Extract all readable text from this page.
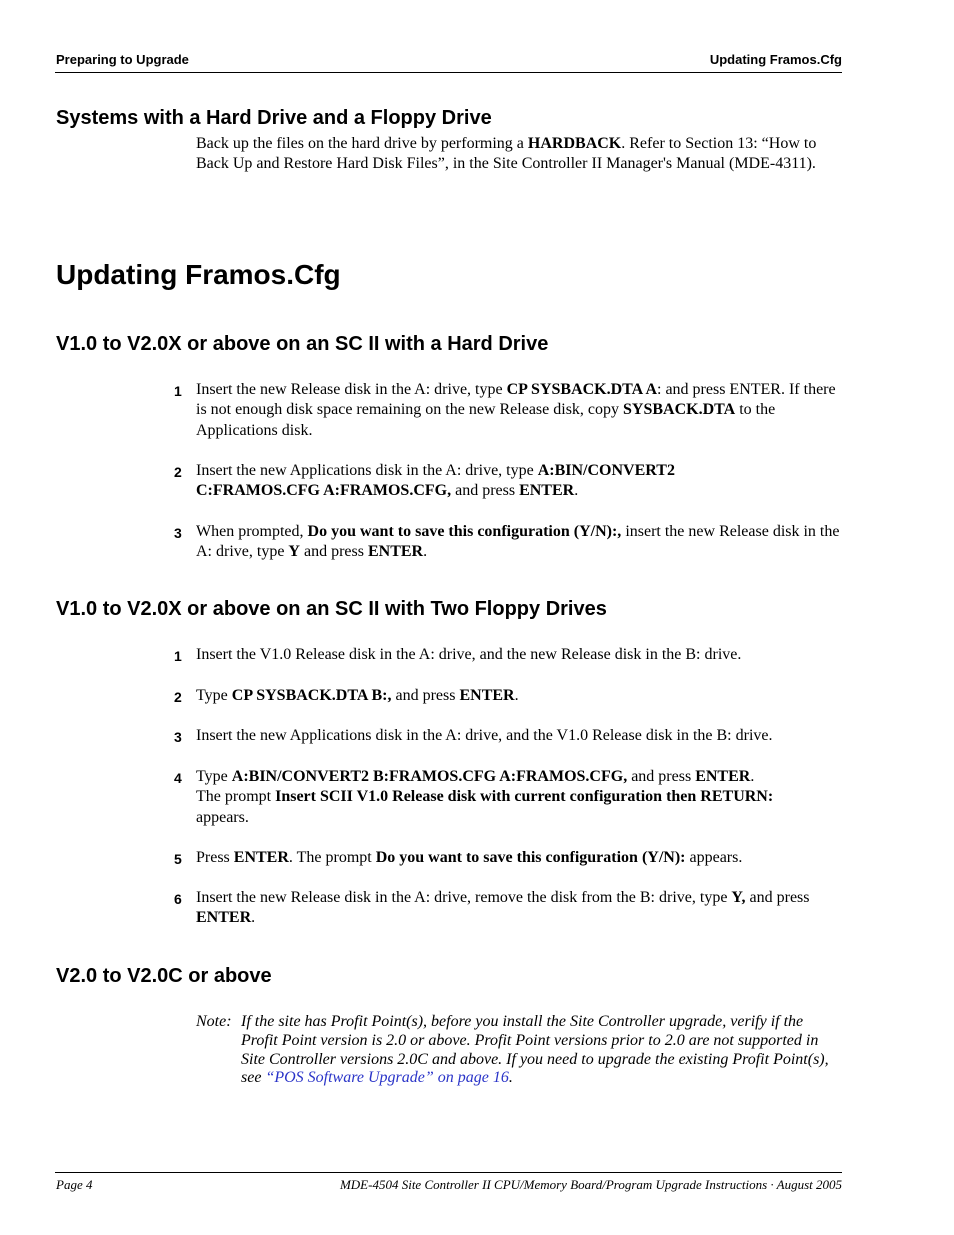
Preparing to Upgrade	Updating Framos.Cfg
Systems with a Hard Drive and a Floppy Drive
Back up the files on the hard drive by performing a HARDBACK. Refer to Section 13: “How to Back Up and Restore Hard Disk Files”, in the Site Controller II Manager's Manual (MDE-4311).
Updating Framos.Cfg
V1.0 to V2.0X or above on an SC II with a Hard Drive
1 Insert the new Release disk in the A: drive, type CP SYSBACK.DTA A: and press ENTER. If there is not enough disk space remaining on the new Release disk, copy SYSBACK.DTA to the Applications disk.
2 Insert the new Applications disk in the A: drive, type A:BIN/CONVERT2 C:FRAMOS.CFG A:FRAMOS.CFG, and press ENTER.
3 When prompted, Do you want to save this configuration (Y/N):, insert the new Release disk in the A: drive, type Y and press ENTER.
V1.0 to V2.0X or above on an SC II with Two Floppy Drives
1 Insert the V1.0 Release disk in the A: drive, and the new Release disk in the B: drive.
2 Type CP SYSBACK.DTA B:, and press ENTER.
3 Insert the new Applications disk in the A: drive, and the V1.0 Release disk in the B: drive.
4 Type A:BIN/CONVERT2 B:FRAMOS.CFG A:FRAMOS.CFG, and press ENTER.
The prompt Insert SCII V1.0 Release disk with current configuration then RETURN:
appears.
5 Press ENTER. The prompt Do you want to save this configuration (Y/N): appears.
6 Insert the new Release disk in the A: drive, remove the disk from the B: drive, type Y, and press ENTER.
V2.0 to V2.0C or above
Note: If the site has Profit Point(s), before you install the Site Controller upgrade, verify if the Profit Point version is 2.0 or above. Profit Point versions prior to 2.0 are not supported in Site Controller versions 2.0C and above. If you need to upgrade the existing Profit Point(s), see “POS Software Upgrade” on page 16.
Page 4	MDE-4504 Site Controller II CPU/Memory Board/Program Upgrade Instructions · August 2005
